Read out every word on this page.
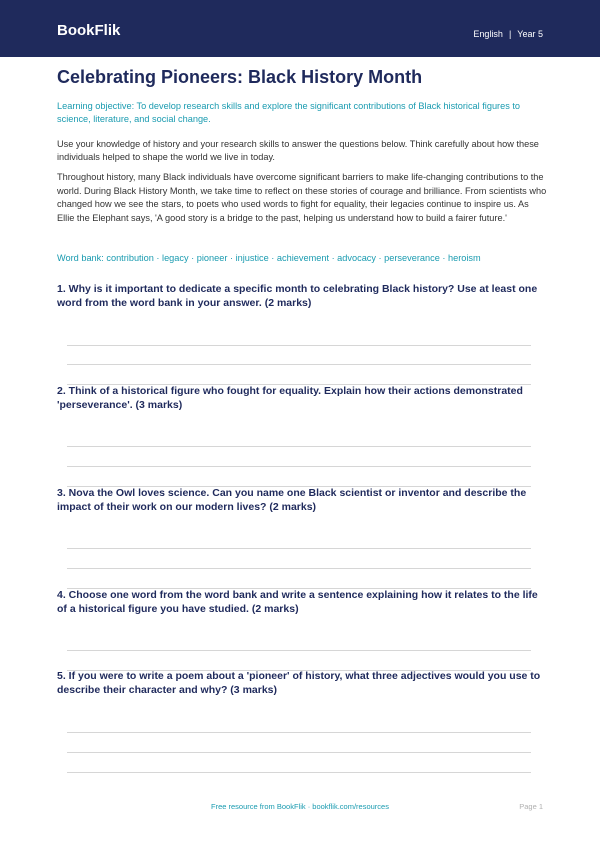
BookFlik	English | Year 5
Celebrating Pioneers: Black History Month

Learning objective: To develop research skills and explore the significant contributions of Black historical figures to science, literature, and social change.

Use your knowledge of history and your research skills to answer the questions below. Think carefully about how these individuals helped to shape the world we live in today.

Throughout history, many Black individuals have overcome significant barriers to make life-changing contributions to the world. During Black History Month, we take time to reflect on these stories of courage and brilliance. From scientists who changed how we see the stars, to poets who used words to fight for equality, their legacies continue to inspire us. As Ellie the Elephant says, 'A good story is a bridge to the past, helping us understand how to build a fairer future.'

Word bank: contribution · legacy · pioneer · injustice · achievement · advocacy · perseverance · heroism

1. Why is it important to dedicate a specific month to celebrating Black history? Use at least one word from the word bank in your answer. (2 marks)

2. Think of a historical figure who fought for equality. Explain how their actions demonstrated 'perseverance'. (3 marks)

3. Nova the Owl loves science. Can you name one Black scientist or inventor and describe the impact of their work on our modern lives? (2 marks)

4. Choose one word from the word bank and write a sentence explaining how it relates to the life of a historical figure you have studied. (2 marks)

5. If you were to write a poem about a 'pioneer' of history, what three adjectives would you use to describe their character and why? (3 marks)

Free resource from BookFlik · bookflik.com/resources	Page 1
